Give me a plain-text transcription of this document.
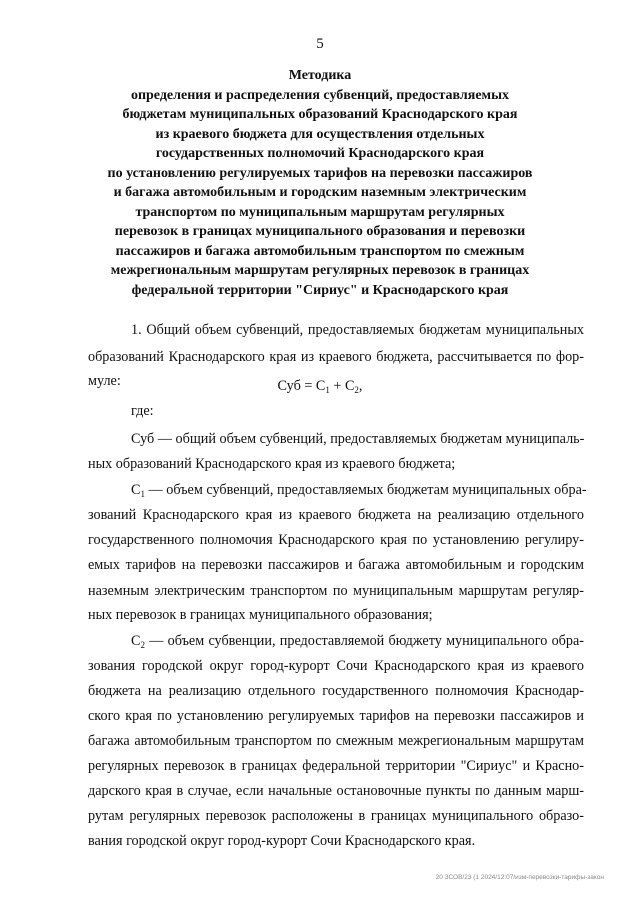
5
Методика
определения и распределения субвенций, предоставляемых
бюджетам муниципальных образований Краснодарского края
из краевого бюджета для осуществления отдельных
государственных полномочий Краснодарского края
по установлению регулируемых тарифов на перевозки пассажиров
и багажа автомобильным и городским наземным электрическим
транспортом по муниципальным маршрутам регулярных
перевозок в границах муниципального образования и перевозки
пассажиров и багажа автомобильным транспортом по смежным
межрегиональным маршрутам регулярных перевозок в границах
федеральной территории "Сириус" и Краснодарского края
1. Общий объем субвенций, предоставляемых бюджетам муниципальных
образований Краснодарского края из краевого бюджета, рассчитывается по фор-
муле:	Суб = $С_1 + С_2$,
где:
Суб — общий объем субвенций, предоставляемых бюджетам муниципаль-
ных образований Краснодарского края из краевого бюджета;
$С_1$ — объем субвенций, предоставляемых бюджетам муниципальных обра-
зований Краснодарского края из краевого бюджета на реализацию отдельного
государственного полномочия Краснодарского края по установлению регулиру-
емых тарифов на перевозки пассажиров и багажа автомобильным и городским
наземным электрическим транспортом по муниципальным маршрутам регуляр-
ных перевозок в границах муниципального образования;
$С_2$ — объем субвенции, предоставляемой бюджету муниципального обра-
зования городской округ город-курорт Сочи Краснодарского края из краевого
бюджета на реализацию отдельного государственного полномочия Краснодар-
ского края по установлению регулируемых тарифов на перевозки пассажиров и
багажа автомобильным транспортом по смежным межрегиональным маршрутам
регулярных перевозок в границах федеральной территории "Сириус" и Красно-
дарского края в случае, если начальные остановочные пункты по данным марш-
рутам регулярных перевозок расположены в границах муниципального образо-
вания городской округ город-курорт Сочи Краснодарского края.
20 ЗСОВ/23 (1 2024/12:07/изм-перевозки-тарифы-закон
